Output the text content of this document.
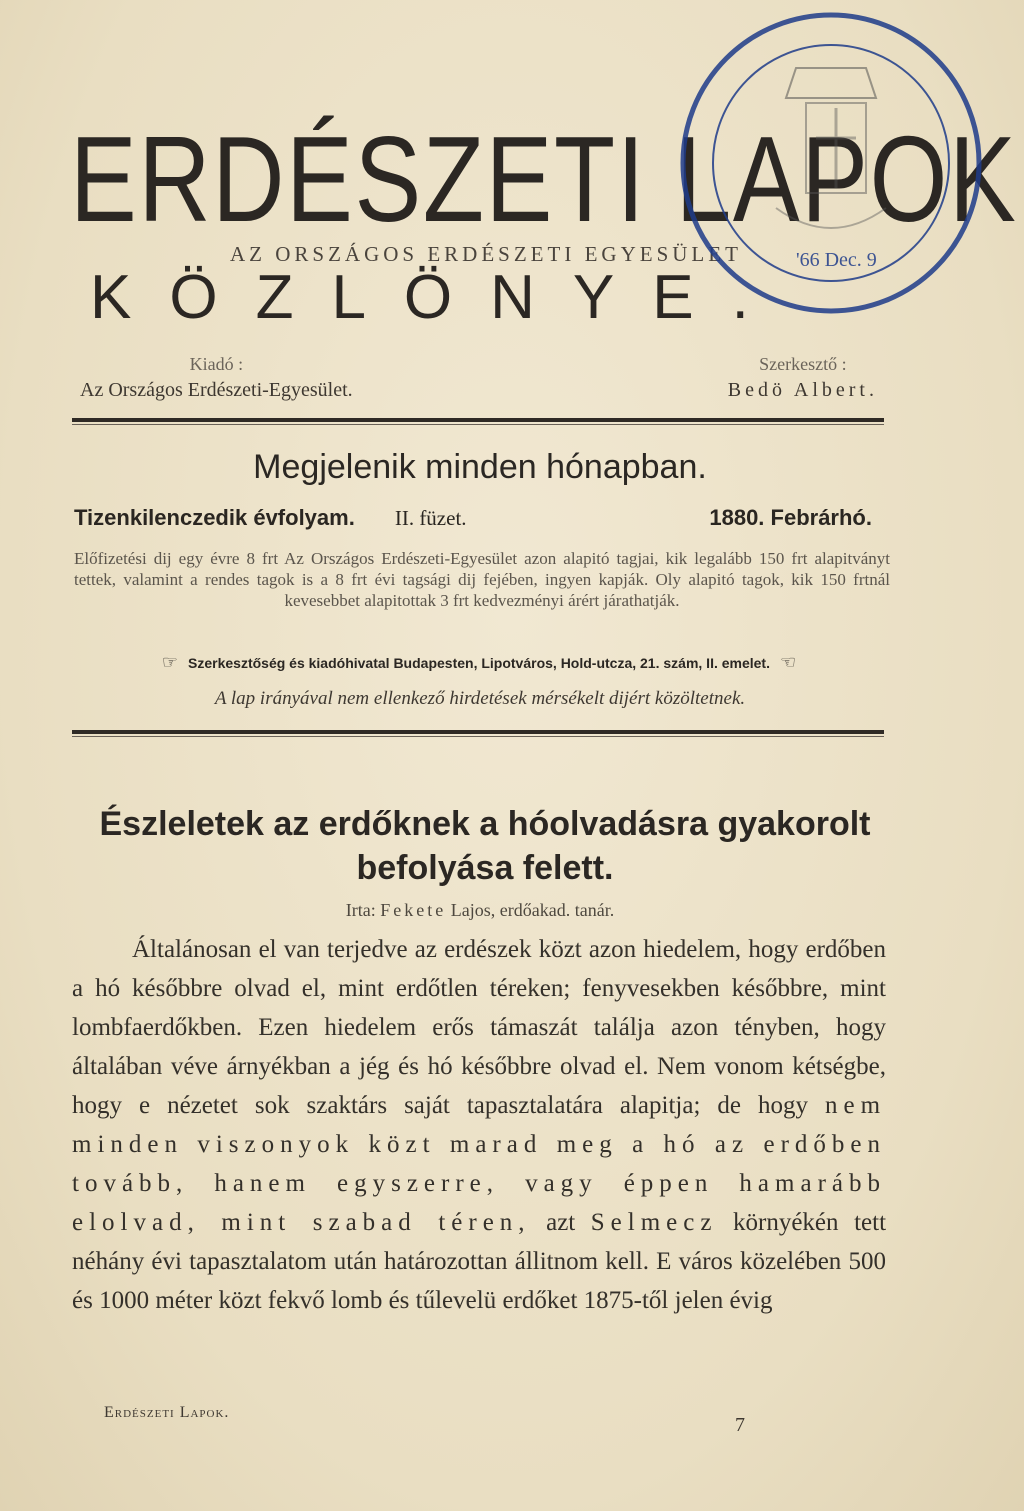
ERDÉSZETI LAPOK
AZ ORSZÁGOS ERDÉSZETI EGYESÜLET
KÖZLÖNYE.
'66 Dec. 9
Kiadó :
Az Országos Erdészeti-Egyesület.
Szerkesztő :
Bedö Albert.
Megjelenik minden hónapban.
Tizenkilenczedik évfolyam. II. füzet.	1880. Febrárhó.
Előfizetési dij egy évre 8 frt Az Országos Erdészeti-Egyesület azon alapitó tagjai, kik legalább 150 frt alapitványt tettek, valamint a rendes tagok is a 8 frt évi tagsági dij fejében, ingyen kapják. Oly alapitó tagok, kik 150 frtnál kevesebbet alapitottak 3 frt kedvezményi árért járathatják.
☞ Szerkesztőség és kiadóhivatal Budapesten, Lipotváros, Hold-utcza, 21. szám, II. emelet. ☜
A lap irányával nem ellenkező hirdetések mérsékelt dijért közöltetnek.
Észleletek az erdőknek a hóolvadásra gyakorolt befolyása felett.
Irta: Fekete Lajos, erdőakad. tanár.

Általánosan el van terjedve az erdészek közt azon hiedelem, hogy erdőben a hó későbbre olvad el, mint erdőtlen téreken; fenyvesekben későbbre, mint lombfaerdőkben. Ezen hiedelem erős támaszát találja azon tényben, hogy általában véve árnyékban a jég és hó későbbre olvad el. Nem vonom kétségbe, hogy e nézetet sok szaktárs saját tapasztalatára alapitja; de hogy nem minden viszonyok közt marad meg a hó az erdőben tovább, hanem egyszerre, vagy éppen hamarább elolvad, mint szabad téren, azt Selmecz környékén tett néhány évi tapasztalatom után határozottan állitnom kell. E város közelében 500 és 1000 méter közt fekvő lomb és tűlevelü erdőket 1875-től jelen évig

Erdészeti Lapok.
7
